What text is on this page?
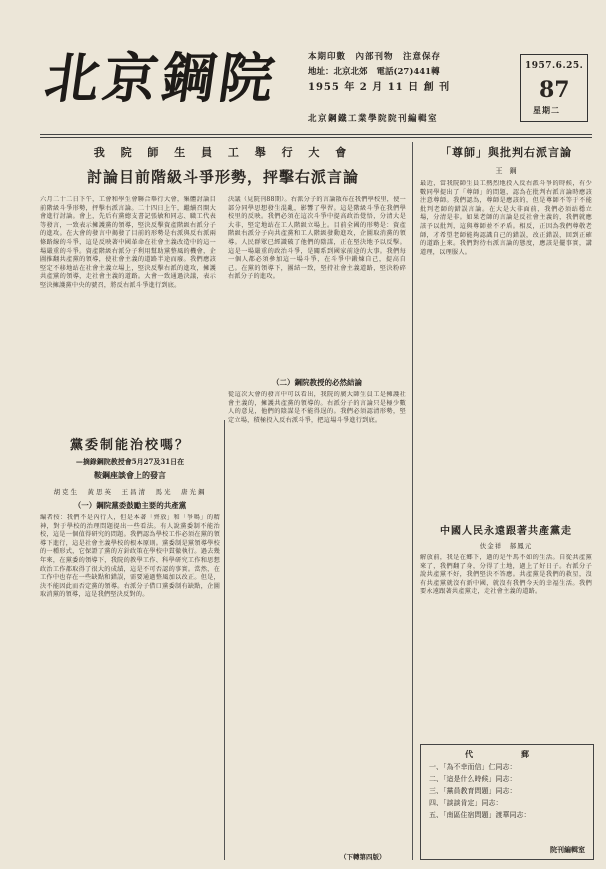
北京鋼院	本期印數　內部刊物　注意保存
地址：北京北郊 電話(27)441轉
1955 年 2 月 11 日 創 刊
北京鋼鐵工業學院院刊編輯室
1957.6.25.
87
星期二
我 院 師 生 員 工 舉 行 大 會
討論目前階級斗爭形勢，抨擊右派言論
六月二十二日下午，工會和學生會聯合舉行大會，集體討論目前階級斗爭形勢，抨擊右派言論。二十四日上午，繼續召開大會進行討論。會上，先后有黨總支書記張敏和同志、職工代表等發言，一致表示擁護黨的領導，堅決反擊資產階級右派分子的進攻。在大會的發言中揭發了目前的形勢是右派與反右派兩條路線的斗爭，這是反映著中國革命在社會主義改造中的這一場嚴重的斗爭。資產階級右派分子利用幫助黨整風的機會，企圖推翻共產黨的領導，使社會主義的道路半途而廢。我們應該堅定不移地站在社會主義立場上，堅決反擊右派的進攻，擁護共產黨的領導，走社會主義的道路。大會一致通過決議，表示堅決擁護黨中央的號召，將反右派斗爭進行到底。
決議（見院刊88期）。右派分子的言論散布在我們學校里，使一部分同學思想發生混亂，影響了學習。這是階級斗爭在我們學校里的反映。我們必須在這次斗爭中提高政治覺悟，分清大是大非，堅定地站在工人階級立場上。目前全國的形勢是：資產階級右派分子向共產黨和工人階級發動進攻，企圖取消黨的領導。人民群眾已經識破了他們的陰謀，正在堅決地予以反擊。這是一場嚴重的政治斗爭，是關系到國家前途的大事。我們每一個人都必須參加這一場斗爭，在斗爭中鍛煉自己，提高自己。在黨的領導下，團結一致，堅持社會主義道路，堅決粉碎右派分子的進攻。
（二）鋼院教授的必然結論
從這次大會的發言中可以看出，我院的廣大師生員工是擁護社會主義的，擁護共產黨的領導的。右派分子的言論只是極少數人的意見，他們的陰謀是不能得逞的。我們必須認清形勢，堅定立場，積極投入反右派斗爭，把這場斗爭進行到底。
黨委制能治校嗎？
—摘錄鋼院教授會5月27及31日在
鞍鋼座談會上的發言
胡克生　黃思英　王昌清　馬光　唐光鋼
（一）鋼院黨委鼓勵主要的共產黨
編者按：我們不是內行人，但是本著「齊放」和「爭鳴」的精神，對于學校的治理問題提出一些看法。有人說黨委制不能治校，這是一個值得研究的問題。我們認為學校工作必須在黨的領導下進行，這是社會主義學校的根本原則。黨委制是黨領導學校的一種形式，它保證了黨的方針政策在學校中貫徹執行。過去幾年來，在黨委的領導下，我院的教學工作、科學研究工作和思想政治工作都取得了很大的成績，這是不可否認的事實。當然，在工作中也存在一些缺點和錯誤，需要通過整風加以改正。但是，決不能因此而否定黨的領導。右派分子借口黨委制有缺點，企圖取消黨的領導，這是我們堅決反對的。
（下轉第四版）
「尊師」與批判右派言論
王　鋼
最近，當我院師生員工熱烈地投入反右派斗爭的時候，有少數同學提出了「尊師」的問題，認為在批判右派言論時應該注意尊師。我們認為，尊師是應該的，但是尊師不等于不能批判老師的錯誤言論。在大是大非面前，我們必須站穩立場，分清是非。如果老師的言論是反社會主義的，我們就應該予以批判，這與尊師並不矛盾。相反，正因為我們尊敬老師，才希望老師能夠認識自己的錯誤，改正錯誤，回到正確的道路上來。我們對待右派言論的態度，應該是擺事實，講道理，以理服人。
中國人民永遠跟著共產黨走
伕金祥　郝鳳元
解放前，我是在鄉下，過的是牛馬不如的生活。自從共產黨來了，我們翻了身，分得了土地，過上了好日子。右派分子說共產黨不好，我們堅決不答應。共產黨是我們的救星，沒有共產黨就沒有新中國，就沒有我們今天的幸福生活。我們要永遠跟著共產黨走，走社會主義的道路。
代　郵
一、「為不幸而信」仁同志：
二、「這是什么時候」同志：
三、「黨員教育問題」同志：
四、「談談肯定」同志：
五、「南區住宿問題」渡華同志：
院刊編輯室
